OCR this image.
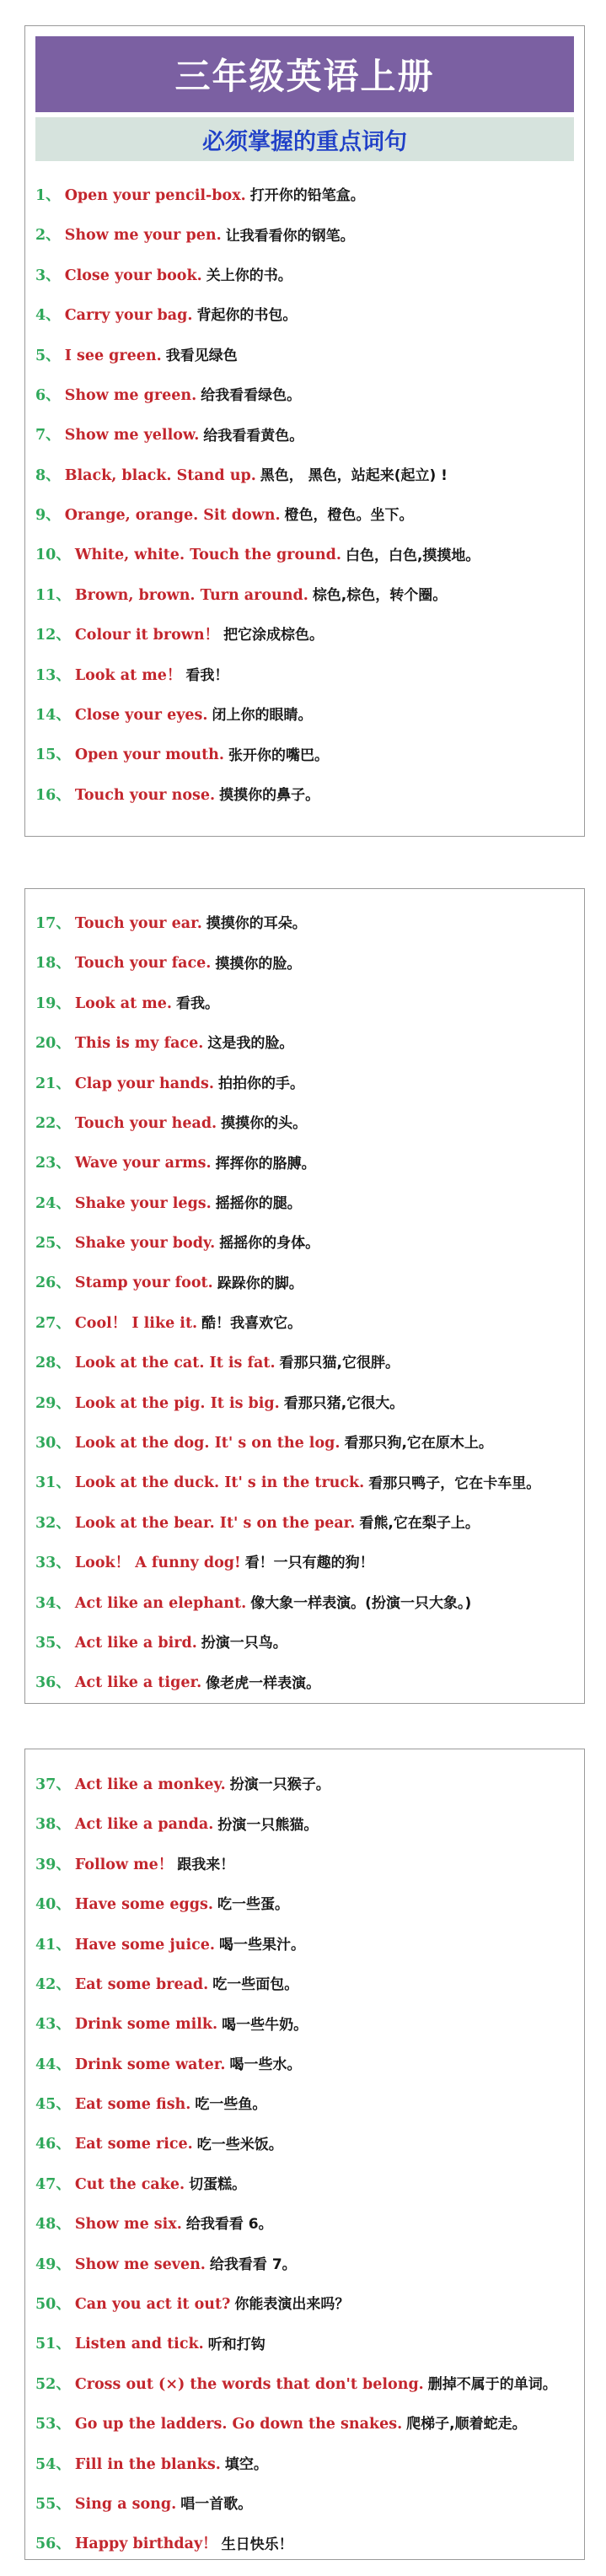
三年级英语上册
必须掌握的重点词句
1、 Open your pencil-box. 打开你的铅笔盒。
2、 Show me your pen. 让我看看你的钢笔。
3、 Close your book. 关上你的书。
4、 Carry your bag. 背起你的书包。
5、 I see green. 我看见绿色
6、 Show me green. 给我看看绿色。
7、 Show me yellow. 给我看看黄色。
8、 Black, black. Stand up. 黑色， 黑色，站起来(起立) !
9、 Orange, orange. Sit down. 橙色，橙色。坐下。
10、 White, white. Touch the ground. 白色，白色,摸摸地。
11、 Brown, brown. Turn around. 棕色,棕色，转个圈。
12、 Colour it brown！ 把它涂成棕色。
13、 Look at me！ 看我！
14、 Close your eyes. 闭上你的眼睛。
15、 Open your mouth. 张开你的嘴巴。
16、 Touch your nose. 摸摸你的鼻子。
17、 Touch your ear. 摸摸你的耳朵。
18、 Touch your face. 摸摸你的脸。
19、 Look at me. 看我。
20、 This is my face. 这是我的脸。
21、 Clap your hands. 拍拍你的手。
22、 Touch your head. 摸摸你的头。
23、 Wave your arms. 挥挥你的胳膊。
24、 Shake your legs. 摇摇你的腿。
25、 Shake your body. 摇摇你的身体。
26、 Stamp your foot. 跺跺你的脚。
27、 Cool！ I like it. 酷！我喜欢它。
28、 Look at the cat. It is fat. 看那只猫,它很胖。
29、 Look at the pig. It is big. 看那只猪,它很大。
30、 Look at the dog. It' s on the log. 看那只狗,它在原木上。
31、 Look at the duck. It' s in the truck. 看那只鸭子，它在卡车里。
32、 Look at the bear. It' s on the pear. 看熊,它在梨子上。
33、 Look！ A funny dog! 看！一只有趣的狗！
34、 Act like an elephant. 像大象一样表演。(扮演一只大象。)
35、 Act like a bird. 扮演一只鸟。
36、 Act like a tiger. 像老虎一样表演。
37、 Act like a monkey. 扮演一只猴子。
38、 Act like a panda. 扮演一只熊猫。
39、 Follow me！ 跟我来！
40、 Have some eggs. 吃一些蛋。
41、 Have some juice. 喝一些果汁。
42、 Eat some bread. 吃一些面包。
43、 Drink some milk. 喝一些牛奶。
44、 Drink some water. 喝一些水。
45、 Eat some fish. 吃一些鱼。
46、 Eat some rice. 吃一些米饭。
47、 Cut the cake. 切蛋糕。
48、 Show me six. 给我看看 6。
49、 Show me seven. 给我看看 7。
50、 Can you act it out? 你能表演出来吗？
51、 Listen and tick. 听和打钩
52、 Cross out (×) the words that don't belong. 删掉不属于的单词。
53、 Go up the ladders. Go down the snakes. 爬梯子,顺着蛇走。
54、 Fill in the blanks. 填空。
55、 Sing a song. 唱一首歌。
56、 Happy birthday！ 生日快乐！
